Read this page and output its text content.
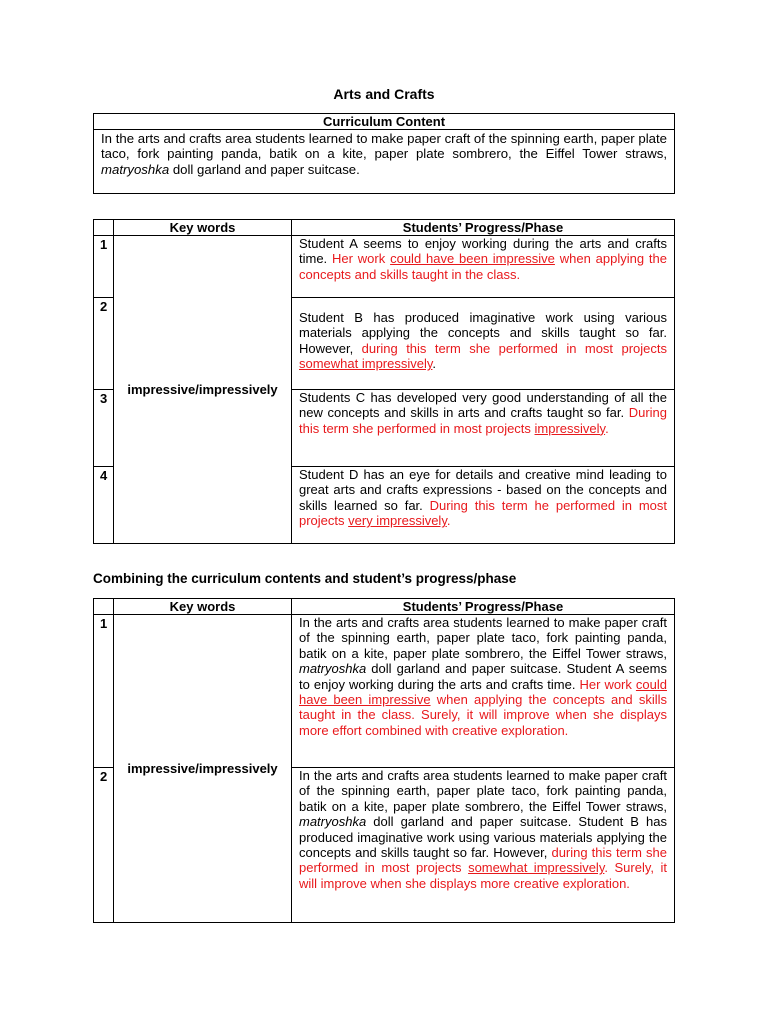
Arts and Crafts
Curriculum Content
In the arts and crafts area students learned to make paper craft of the spinning earth, paper plate taco, fork painting panda, batik on a kite, paper plate sombrero, the Eiffel Tower straws, matryoshka doll garland and paper suitcase.
	Key words	Students’ Progress/Phase
1	impressive/impressively	Student A seems to enjoy working during the arts and crafts time. Her work could have been impressive when applying the concepts and skills taught in the class.
2		Student B has produced imaginative work using various materials applying the concepts and skills taught so far. However, during this term she performed in most projects somewhat impressively.
3		Students C has developed very good understanding of all the new concepts and skills in arts and crafts taught so far. During this term she performed in most projects impressively.
4		Student D has an eye for details and creative mind leading to great arts and crafts expressions - based on the concepts and skills learned so far. During this term he performed in most projects very impressively.
Combining the curriculum contents and student’s progress/phase
	Key words	Students’ Progress/Phase
1	impressive/impressively	In the arts and crafts area students learned to make paper craft of the spinning earth, paper plate taco, fork painting panda, batik on a kite, paper plate sombrero, the Eiffel Tower straws, matryoshka doll garland and paper suitcase. Student A seems to enjoy working during the arts and crafts time. Her work could have been impressive when applying the concepts and skills taught in the class. Surely, it will improve when she displays more effort combined with creative exploration.
2		In the arts and crafts area students learned to make paper craft of the spinning earth, paper plate taco, fork painting panda, batik on a kite, paper plate sombrero, the Eiffel Tower straws, matryoshka doll garland and paper suitcase. Student B has produced imaginative work using various materials applying the concepts and skills taught so far. However, during this term she performed in most projects somewhat impressively. Surely, it will improve when she displays more creative exploration.
